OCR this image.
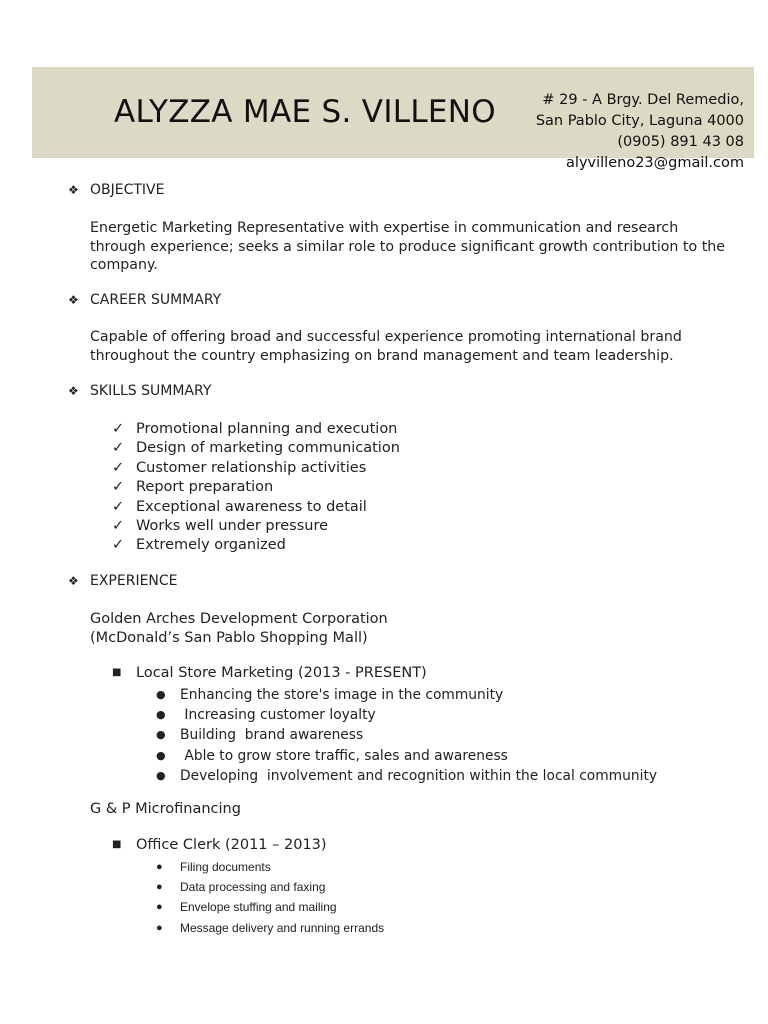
ALYZZA MAE S. VILLENO	# 29 - A Brgy. Del Remedio,
San Pablo City, Laguna 4000
(0905) 891 43 08
alyvilleno23@gmail.com
❖ OBJECTIVE
Energetic Marketing Representative with expertise in communication and research through experience; seeks a similar role to produce significant growth contribution to the company.
❖ CAREER SUMMARY
Capable of offering broad and successful experience promoting international brand throughout the country emphasizing on brand management and team leadership.
❖ SKILLS SUMMARY
✓ Promotional planning and execution
✓ Design of marketing communication
✓ Customer relationship activities
✓ Report preparation
✓ Exceptional awareness to detail
✓ Works well under pressure
✓ Extremely organized
❖ EXPERIENCE
Golden Arches Development Corporation
(McDonald’s San Pablo Shopping Mall)
■ Local Store Marketing (2013 - PRESENT)
● Enhancing the store's image in the community
● Increasing customer loyalty
● Building  brand awareness
● Able to grow store traffic, sales and awareness
● Developing  involvement and recognition within the local community
G & P Microfinancing
■ Office Clerk (2011 – 2013)
● Filing documents
● Data processing and faxing
● Envelope stuffing and mailing
● Message delivery and running errands
